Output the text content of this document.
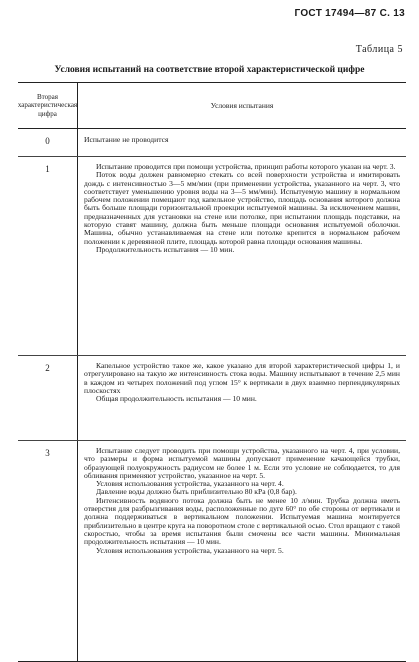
ГОСТ 17494—87 С. 13
Таблица 5
Условия испытаний на соответствие второй характеристической цифре
Вторая характеристическая цифра
Условия испытания
0	Испытание не проводится

1	Испытание проводится при помощи устройства, принцип работы которого указан на черт. 3.

Поток воды должен равномерно стекать со всей поверхности устройства и имитировать дождь с интенсивностью 3—5 мм/мин (при применении устройства, указанного на черт. 3, что соответствует уменьшению уровня воды на 3—5 мм/мин). Испытуемую машину в нормальном рабочем положении помещают под капельное устройство, площадь основания которого должна быть больше площади горизонтальной проекции испытуемой машины. За исключением машин, предназначенных для установки на стене или потолке, при испытании площадь подставки, на которую ставят машину, должна быть меньше площади основания испытуемой оболочки. Машина, обычно устанавливаемая на стене или потолке крепится в нормальном рабочем положении к деревянной плите, площадь которой равна площади основания машины.

Продолжительность испытания — 10 мин.

2	Капельное устройство такое же, какое указано для второй характеристической цифры 1, и отрегулировано на такую же интенсивность стока воды. Машину испытывают в течение 2,5 мин в каждом из четырех положений под углом 15° к вертикали в двух взаимно перпендикулярных плоскостях

Общая продолжительность испытания — 10 мин.

3	Испытание следует проводить при помощи устройства, указанного на черт. 4, при условии, что размеры и форма испытуемой машины допускают применение качающейся трубки, образующей полуокружность радиусом не более 1 м. Если это условие не соблюдается, то для обливания применяют устройство, указанное на черт. 5.

Условия использования устройства, указанного на черт. 4.

Давление воды должно быть приблизительно 80 кРа (0,8 бар).

Интенсивность водяного потока должна быть не менее 10 л/мин. Трубка должна иметь отверстия для разбрызгивания воды, расположенные по дуге 60° по обе стороны от вертикали и должна поддерживаться в вертикальном положении. Испытуемая машина монтируется приблизительно в центре круга на поворотном столе с вертикальной осью. Стол вращают с такой скоростью, чтобы за время испытания были смочены все части машины. Минимальная продолжительность испытания — 10 мин.

Условия использования устройства, указанного на черт. 5.
